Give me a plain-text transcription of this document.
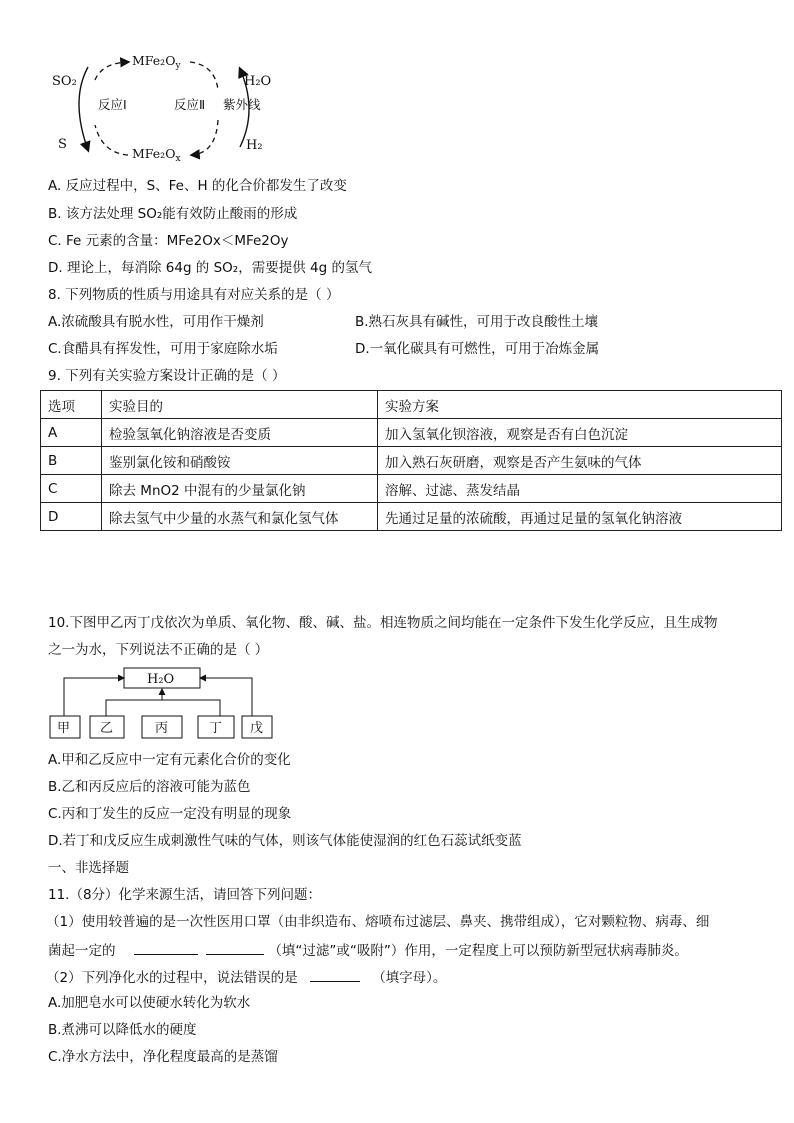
SO₂
S
$MFe_2O_y$
$MFe_2O_x$
反应Ⅰ	反应Ⅱ 紫外线
H₂O
H₂
A. 反应过程中，S、Fe、H 的化合价都发生了改变
B. 该方法处理 SO₂能有效防止酸雨的形成
C. Fe 元素的含量：MFe2Ox＜MFe2Oy
D. 理论上，每消除 64g 的 SO₂，需要提供 4g 的氢气
8. 下列物质的性质与用途具有对应关系的是（ ）
A.浓硫酸具有脱水性，可用作干燥剂	B.熟石灰具有碱性，可用于改良酸性土壤
C.食醋具有挥发性，可用于家庭除水垢	D.一氧化碳具有可燃性，可用于冶炼金属
9. 下列有关实验方案设计正确的是（ ）
选项	实验目的	实验方案
A	检验氢氧化钠溶液是否变质	加入氢氧化钡溶液，观察是否有白色沉淀
B	鉴别氯化铵和硝酸铵	加入熟石灰研磨，观察是否产生氨味的气体
C	除去 MnO2 中混有的少量氯化钠	溶解、过滤、蒸发结晶
D	除去氢气中少量的水蒸气和氯化氢气体	先通过足量的浓硫酸，再通过足量的氢氧化钠溶液
10.下图甲乙丙丁戊依次为单质、氧化物、酸、碱、盐。相连物质之间均能在一定条件下发生化学反应，且生成物
之一为水，下列说法不正确的是（ ）
H₂O
甲 乙	丙	丁 戊
A.甲和乙反应中一定有元素化合价的变化
B.乙和丙反应后的溶液可能为蓝色
C.丙和丁发生的反应一定没有明显的现象
D.若丁和戊反应生成刺激性气味的气体，则该气体能使湿润的红色石蕊试纸变蓝
一、非选择题
11.（8分）化学来源生活，请回答下列问题：
（1）使用较普遍的是一次性医用口罩（由非织造布、熔喷布过滤层、鼻夹、携带组成），它对颗粒物、病毒、细
菌起一定的	（填“过滤”或“吸附”）作用，一定程度上可以预防新型冠状病毒肺炎。
（2）下列净化水的过程中，说法错误的是	（填字母）。
A.加肥皂水可以使硬水转化为软水
B.煮沸可以降低水的硬度
C.净水方法中，净化程度最高的是蒸馏
